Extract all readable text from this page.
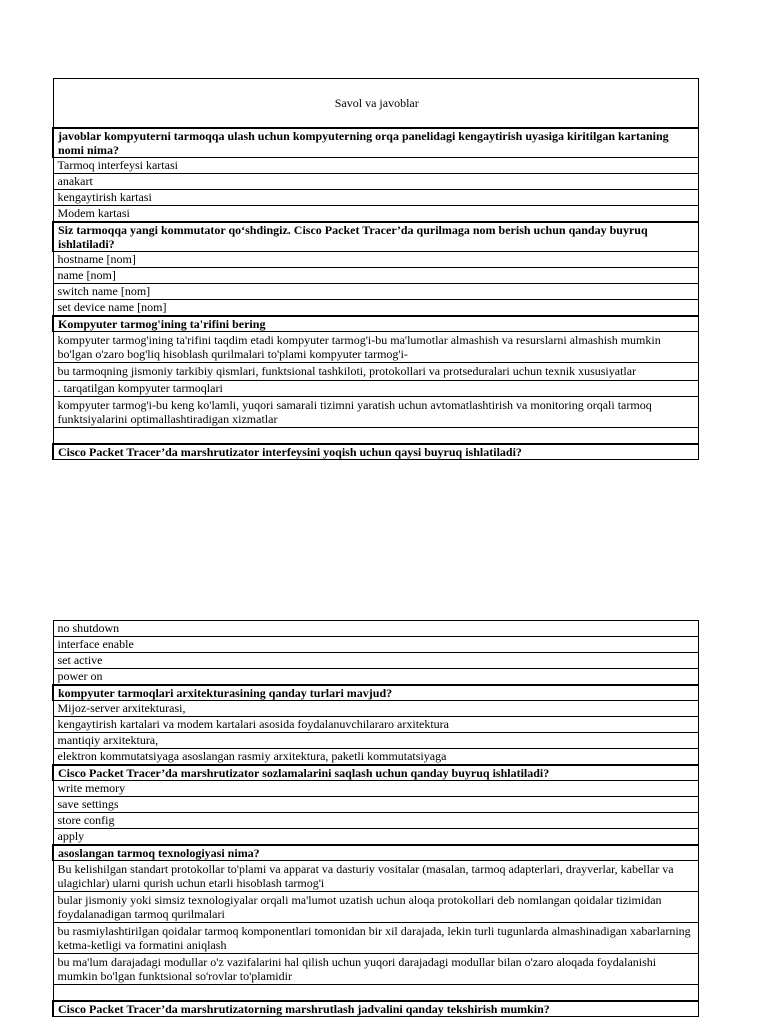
Savol va javoblar
javoblar kompyuterni tarmoqqa ulash uchun kompyuterning orqa panelidagi kengaytirish uyasiga kiritilgan kartaning nomi nima?
Tarmoq interfeysi kartasi
anakart
kengaytirish kartasi
Modem kartasi
Siz tarmoqqa yangi kommutator qo‘shdingiz. Cisco Packet Tracer’da qurilmaga nom berish uchun qanday buyruq ishlatiladi?
hostname [nom]
name [nom]
switch name [nom]
set device name [nom]
Kompyuter tarmog'ining ta'rifini bering
kompyuter tarmog'ining ta'rifini taqdim etadi kompyuter tarmog'i-bu ma'lumotlar almashish va resurslarni almashish mumkin bo'lgan o'zaro bog'liq hisoblash qurilmalari to'plami kompyuter tarmog'i-
bu tarmoqning jismoniy tarkibiy qismlari, funktsional tashkiloti, protokollari va protseduralari uchun texnik xususiyatlar
. tarqatilgan kompyuter tarmoqlari
kompyuter tarmog'i-bu keng ko'lamli, yuqori samarali tizimni yaratish uchun avtomatlashtirish va monitoring orqali tarmoq funktsiyalarini optimallashtiradigan xizmatlar

Cisco Packet Tracer’da marshrutizator interfeysini yoqish uchun qaysi buyruq ishlatiladi?
no shutdown
interface enable
set active
power on
kompyuter tarmoqlari arxitekturasining qanday turlari mavjud?
Mijoz-server arxitekturasi,
kengaytirish kartalari va modem kartalari asosida foydalanuvchilararo arxitektura
mantiqiy arxitektura,
elektron kommutatsiyaga asoslangan rasmiy arxitektura, paketli kommutatsiyaga
Cisco Packet Tracer’da marshrutizator sozlamalarini saqlash uchun qanday buyruq ishlatiladi?
write memory
save settings
store config
apply
asoslangan tarmoq texnologiyasi nima?
Bu kelishilgan standart protokollar to'plami va apparat va dasturiy vositalar (masalan, tarmoq adapterlari, drayverlar, kabellar va ulagichlar) ularni qurish uchun etarli hisoblash tarmog'i
bular jismoniy yoki simsiz texnologiyalar orqali ma'lumot uzatish uchun aloqa protokollari deb nomlangan qoidalar tizimidan foydalanadigan tarmoq qurilmalari
bu rasmiylashtirilgan qoidalar tarmoq komponentlari tomonidan bir xil darajada, lekin turli tugunlarda almashinadigan xabarlarning ketma-ketligi va formatini aniqlash
bu ma'lum darajadagi modullar o'z vazifalarini hal qilish uchun yuqori darajadagi modullar bilan o'zaro aloqada foydalanishi mumkin bo'lgan funktsional so'rovlar to'plamidir

Cisco Packet Tracer’da marshrutizatorning marshrutlash jadvalini qanday tekshirish mumkin?
